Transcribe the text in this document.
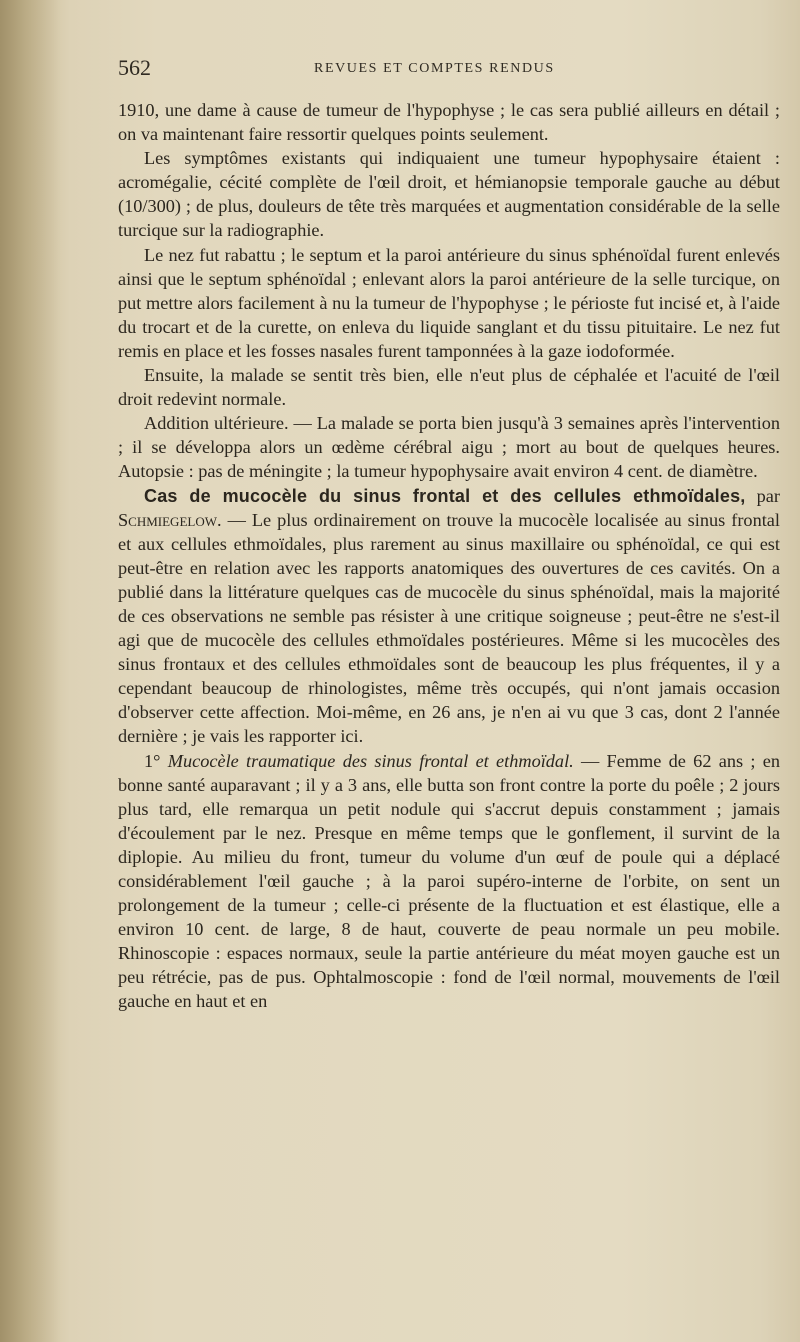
562	REVUES ET COMPTES RENDUS

1910, une dame à cause de tumeur de l'hypophyse ; le cas sera publié ailleurs en détail ; on va maintenant faire ressortir quelques points seulement.

Les symptômes existants qui indiquaient une tumeur hypophysaire étaient : acromégalie, cécité complète de l'œil droit, et hémianopsie temporale gauche au début (10/300) ; de plus, douleurs de tête très marquées et augmentation considérable de la selle turcique sur la radiographie.

Le nez fut rabattu ; le septum et la paroi antérieure du sinus sphénoïdal furent enlevés ainsi que le septum sphénoïdal ; enlevant alors la paroi antérieure de la selle turcique, on put mettre alors facilement à nu la tumeur de l'hypophyse ; le périoste fut incisé et, à l'aide du trocart et de la curette, on enleva du liquide sanglant et du tissu pituitaire. Le nez fut remis en place et les fosses nasales furent tamponnées à la gaze iodoformée.

Ensuite, la malade se sentit très bien, elle n'eut plus de céphalée et l'acuité de l'œil droit redevint normale.

Addition ultérieure. — La malade se porta bien jusqu'à 3 semaines après l'intervention ; il se développa alors un œdème cérébral aigu ; mort au bout de quelques heures. Autopsie : pas de méningite ; la tumeur hypophysaire avait environ 4 cent. de diamètre.

Cas de mucocèle du sinus frontal et des cellules ethmoïdales, par Schmiegelow. — Le plus ordinairement on trouve la mucocèle localisée au sinus frontal et aux cellules ethmoïdales, plus rarement au sinus maxillaire ou sphénoïdal, ce qui est peut-être en relation avec les rapports anatomiques des ouvertures de ces cavités. On a publié dans la littérature quelques cas de mucocèle du sinus sphénoïdal, mais la majorité de ces observations ne semble pas résister à une critique soigneuse ; peut-être ne s'est-il agi que de mucocèle des cellules ethmoïdales postérieures. Même si les mucocèles des sinus frontaux et des cellules ethmoïdales sont de beaucoup les plus fréquentes, il y a cependant beaucoup de rhinologistes, même très occupés, qui n'ont jamais occasion d'observer cette affection. Moi-même, en 26 ans, je n'en ai vu que 3 cas, dont 2 l'année dernière ; je vais les rapporter ici.

1° Mucocèle traumatique des sinus frontal et ethmoïdal. — Femme de 62 ans ; en bonne santé auparavant ; il y a 3 ans, elle butta son front contre la porte du poêle ; 2 jours plus tard, elle remarqua un petit nodule qui s'accrut depuis constamment ; jamais d'écoulement par le nez. Presque en même temps que le gonflement, il survint de la diplopie. Au milieu du front, tumeur du volume d'un œuf de poule qui a déplacé considérablement l'œil gauche ; à la paroi supéro-interne de l'orbite, on sent un prolongement de la tumeur ; celle-ci présente de la fluctuation et est élastique, elle a environ 10 cent. de large, 8 de haut, couverte de peau normale un peu mobile. Rhinoscopie : espaces normaux, seule la partie antérieure du méat moyen gauche est un peu rétrécie, pas de pus. Ophtalmoscopie : fond de l'œil normal, mouvements de l'œil gauche en haut et en
